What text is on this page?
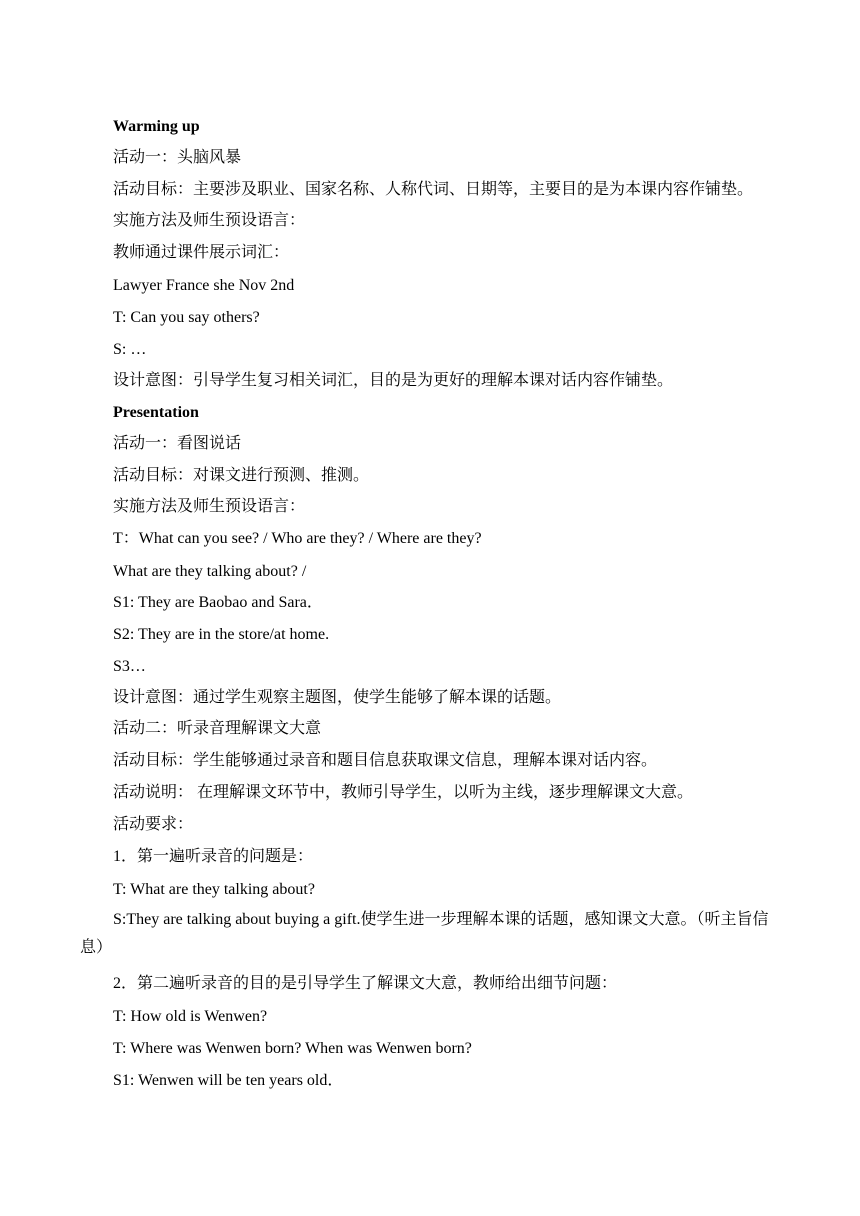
Warming up
活动一：头脑风暴
活动目标：主要涉及职业、国家名称、人称代词、日期等，主要目的是为本课内容作铺垫。
实施方法及师生预设语言：
教师通过课件展示词汇：
Lawyer France she Nov 2nd
T: Can you say others?
S: …
设计意图：引导学生复习相关词汇，目的是为更好的理解本课对话内容作铺垫。
Presentation
活动一：看图说话
活动目标：对课文进行预测、推测。
实施方法及师生预设语言：
T：What can you see? / Who are they? / Where are they?
What are they talking about? /
S1: They are Baobao and Sara．
S2: They are in the store/at home.
S3…
设计意图：通过学生观察主题图，使学生能够了解本课的话题。
活动二：听录音理解课文大意
活动目标：学生能够通过录音和题目信息获取课文信息，理解本课对话内容。
活动说明： 在理解课文环节中，教师引导学生，以听为主线，逐步理解课文大意。
活动要求：
1．第一遍听录音的问题是：
T: What are they talking about?
S:They are talking about buying a gift.使学生进一步理解本课的话题，感知课文大意。（听主旨信息）
2．第二遍听录音的目的是引导学生了解课文大意，教师给出细节问题：
T: How old is Wenwen?
T: Where was Wenwen born? When was Wenwen born?
S1: Wenwen will be ten years old．
